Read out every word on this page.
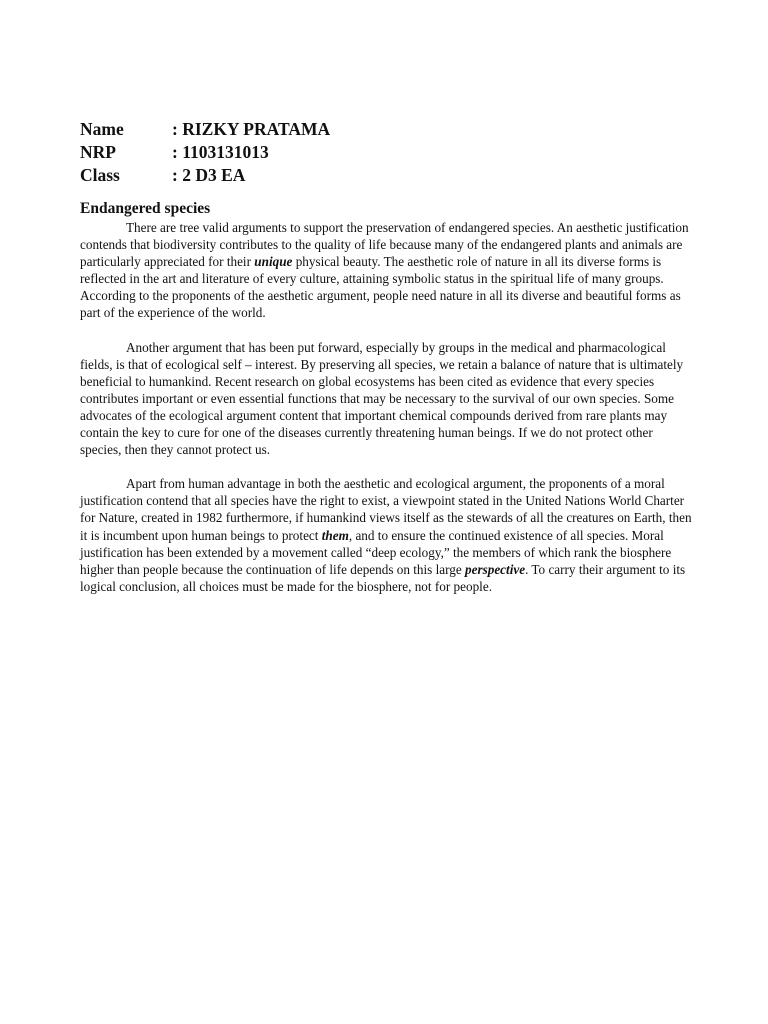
Name	: RIZKY PRATAMA
NRP	: 1103131013
Class	: 2 D3 EA
Endangered species

There are tree valid arguments to support the preservation of endangered species. An aesthetic justification contends that biodiversity contributes to the quality of life because many of the endangered plants and animals are particularly appreciated for their unique physical beauty. The aesthetic role of nature in all its diverse forms is reflected in the art and literature of every culture, attaining symbolic status in the spiritual life of many groups. According to the proponents of the aesthetic argument, people need nature in all its diverse and beautiful forms as part of the experience of the world.

Another argument that has been put forward, especially by groups in the medical and pharmacological fields, is that of ecological self – interest. By preserving all species, we retain a balance of nature that is ultimately beneficial to humankind. Recent research on global ecosystems has been cited as evidence that every species contributes important or even essential functions that may be necessary to the survival of our own species. Some advocates of the ecological argument content that important chemical compounds derived from rare plants may contain the key to cure for one of the diseases currently threatening human beings. If we do not protect other species, then they cannot protect us.

Apart from human advantage in both the aesthetic and ecological argument, the proponents of a moral justification contend that all species have the right to exist, a viewpoint stated in the United Nations World Charter for Nature, created in 1982 furthermore, if humankind views itself as the stewards of all the creatures on Earth, then it is incumbent upon human beings to protect them, and to ensure the continued existence of all species. Moral justification has been extended by a movement called “deep ecology,” the members of which rank the biosphere higher than people because the continuation of life depends on this large perspective. To carry their argument to its logical conclusion, all choices must be made for the biosphere, not for people.
